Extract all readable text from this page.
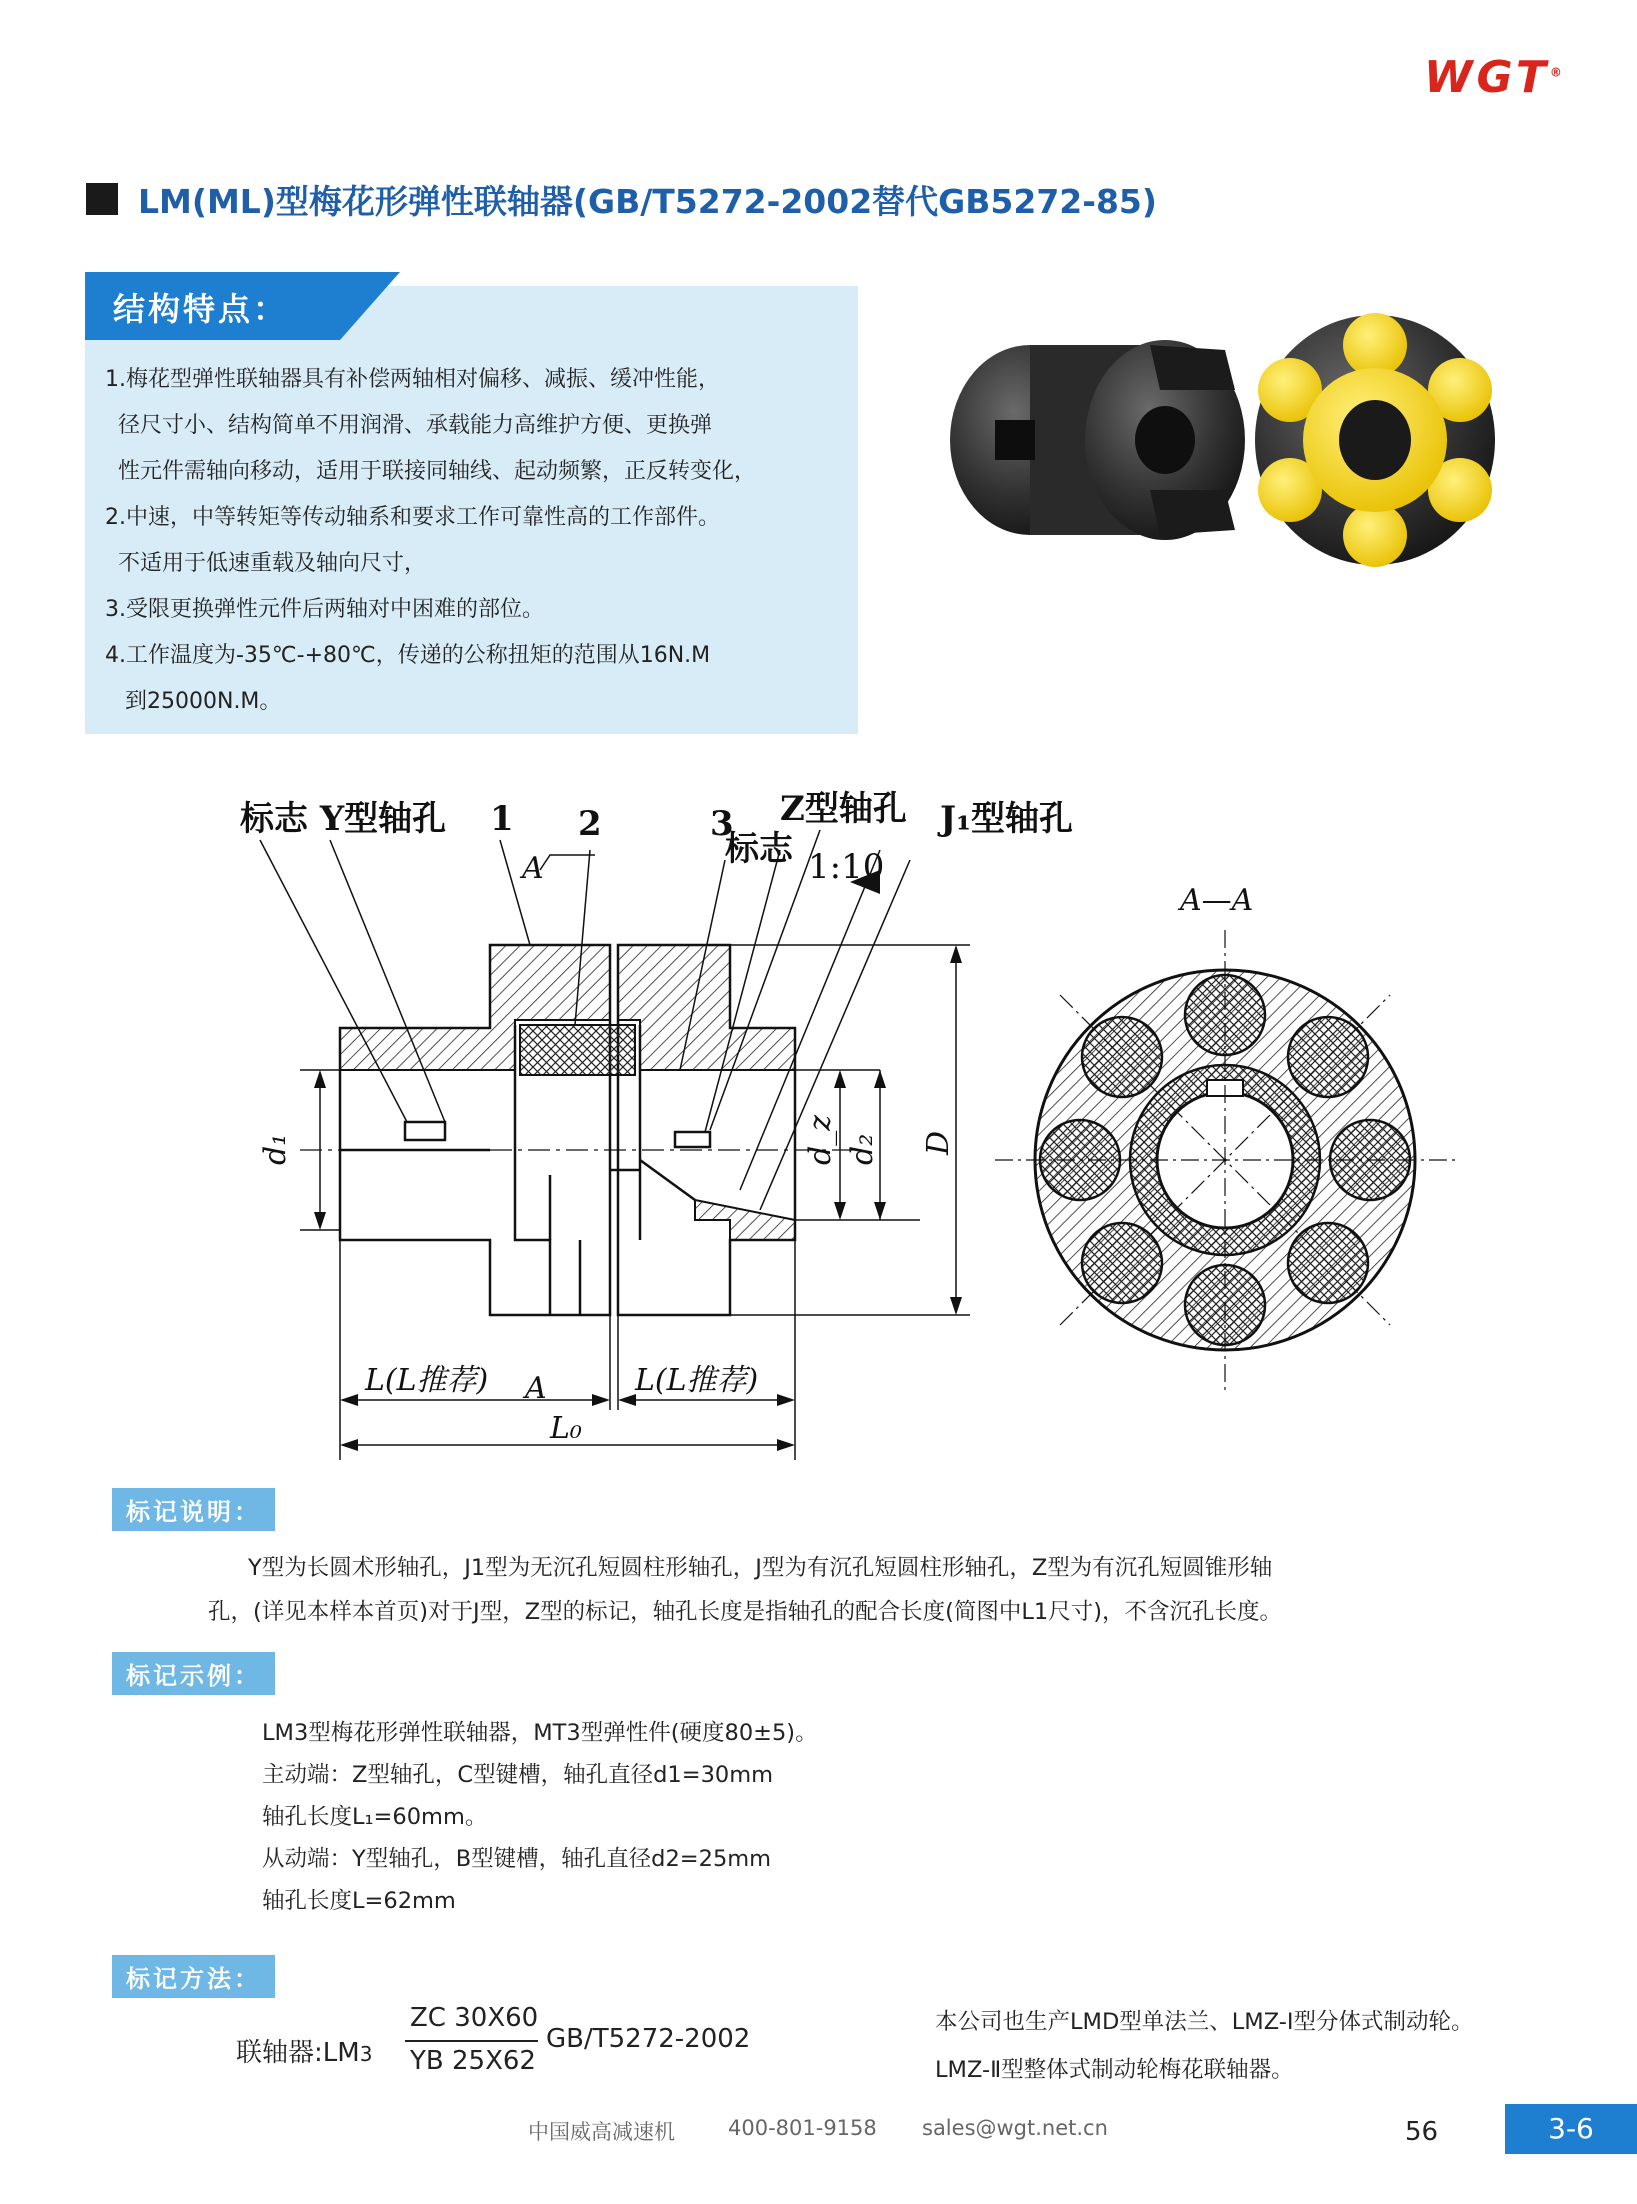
WGT®
LM(ML)型梅花形弹性联轴器(GB/T5272-2002替代GB5272-85)
结构特点：
1.梅花型弹性联轴器具有补偿两轴相对偏移、减振、缓冲性能，
径尺寸小、结构简单不用润滑、承载能力高维护方便、更换弹
性元件需轴向移动，适用于联接同轴线、起动频繁，正反转变化，
2.中速，中等转矩等传动轴系和要求工作可靠性高的工作部件。
不适用于低速重载及轴向尺寸，
3.受限更换弹性元件后两轴对中困难的部位。
4.工作温度为-35℃-+80℃，传递的公称扭矩的范围从16N.M
到25000N.M。
标志 Y型轴孔 1 2	3 Z型轴孔 J₁型轴孔
标志 1:10
A
A—A
A
L(L推荐)	L(L推荐)
L₀
d₁	d_z d₂ D
标记说明：
Y型为长圆术形轴孔，J1型为无沉孔短圆柱形轴孔，J型为有沉孔短圆柱形轴孔，Z型为有沉孔短圆锥形轴
孔，(详见本样本首页)对于J型，Z型的标记，轴孔长度是指轴孔的配合长度(简图中L1尺寸)，不含沉孔长度。
标记示例：
LM3型梅花形弹性联轴器，MT3型弹性件(硬度80±5)。
主动端：Z型轴孔，C型键槽，轴孔直径d1=30mm
轴孔长度L₁=60mm。
从动端：Y型轴孔，B型键槽，轴孔直径d2=25mm
轴孔长度L=62mm
标记方法：
联轴器:LM3
ZC 30X60
YB 25X62
GB/T5272-2002
本公司也生产LMD型单法兰、LMZ-I型分体式制动轮。
LMZ-Ⅱ型整体式制动轮梅花联轴器。
中国威高减速机	400-801-9158 sales@wgt.net.cn	56	3-6
